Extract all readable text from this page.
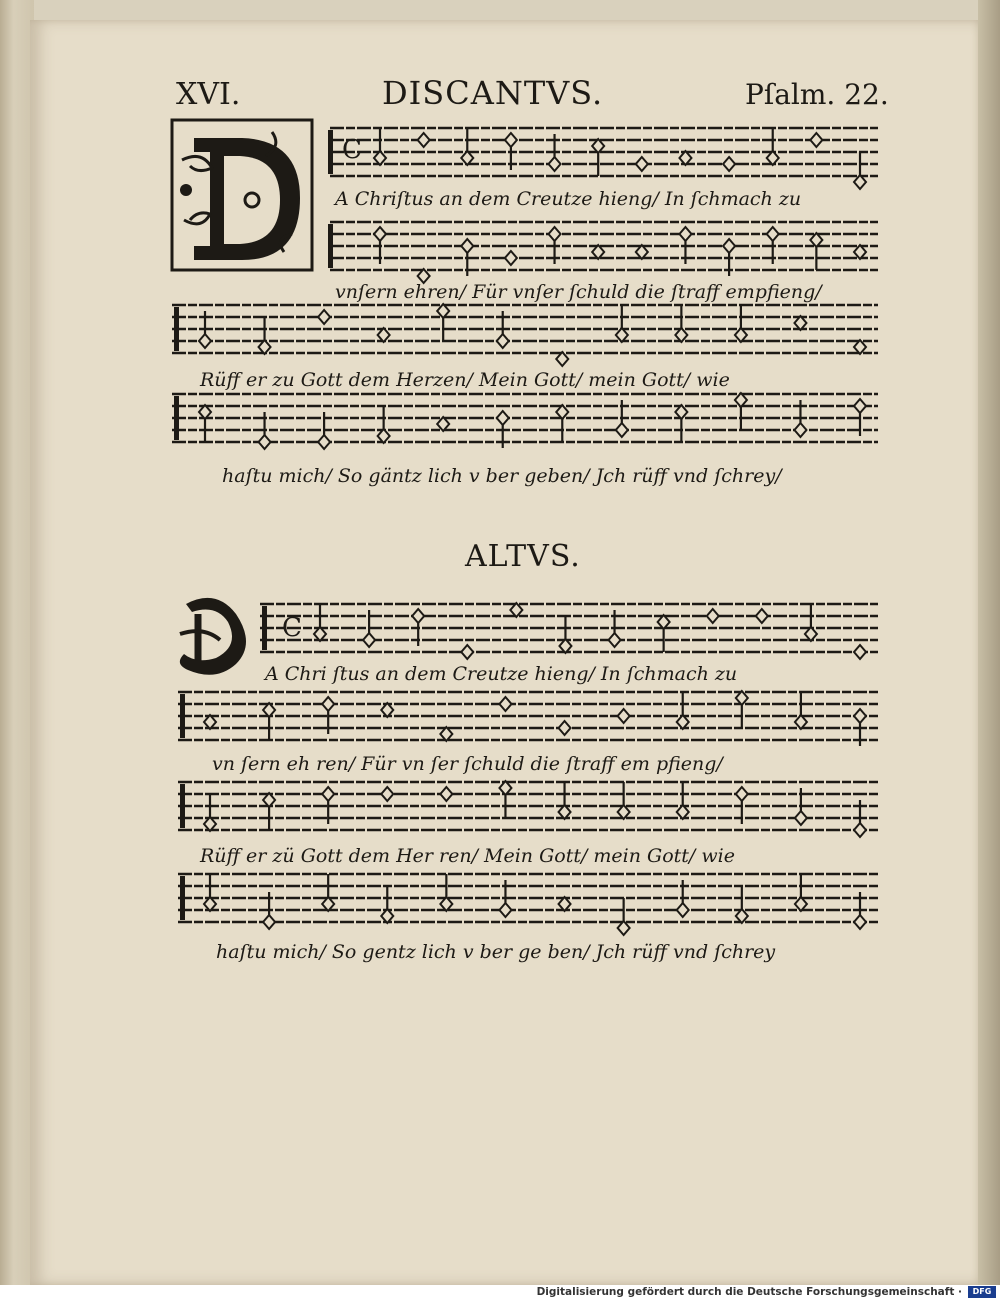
XVI.	DISCANTVS.	Pſalm. 22.
A Chriſtus an dem Creutze hieng/ In ſchmach zu
vnſern ehren/ Für vnſer ſchuld die ſtraff empfieng/
Rüff er zu Gott dem Herzen/ Mein Gott/ mein Gott/ wie
haſtu mich/ So gäntz lich v ber geben/ Jch rüff vnd ſchrey/
ALTVS.
A Chri ſtus an dem Creutze hieng/ In ſchmach zu
vn ſern eh ren/ Für vn ſer ſchuld die ſtraff em pfieng/
Rüff er zü Gott dem Her ren/ Mein Gott/ mein Gott/ wie
haſtu mich/ So gentz lich v ber ge ben/ Jch rüff vnd ſchrey
C
C
Digitalisierung gefördert durch die Deutsche Forschungsgemeinschaft ·	DFG
